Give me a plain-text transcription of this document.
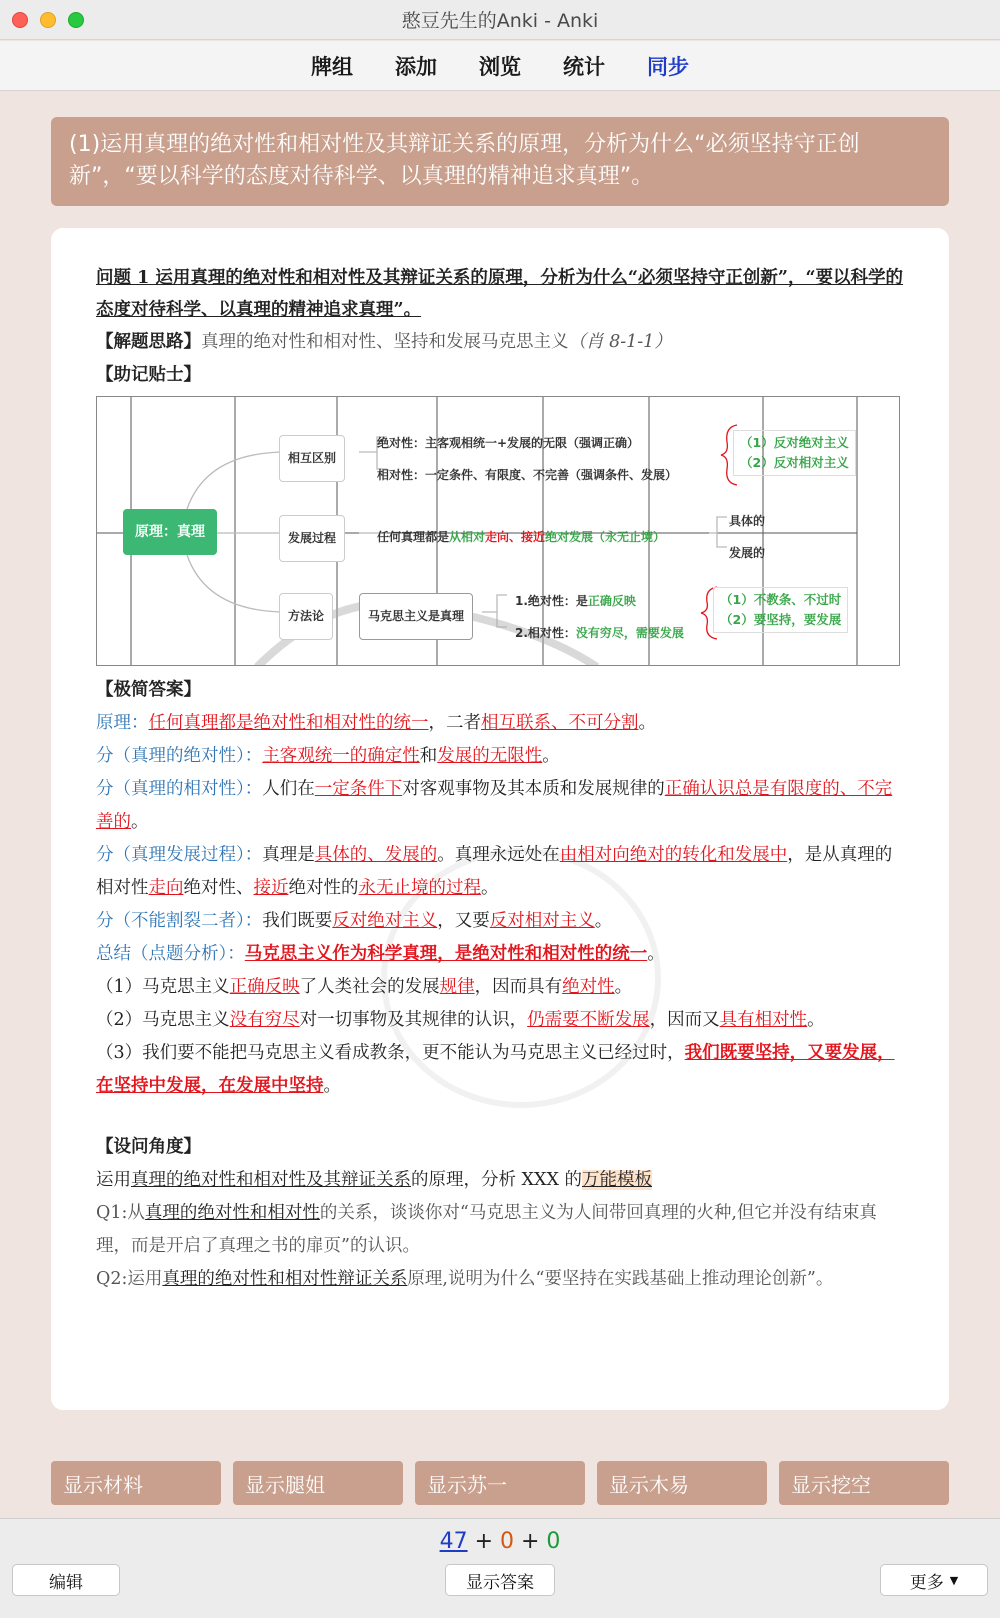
憨豆先生的Anki - Anki
牌组 添加 浏览 统计 同步
(1)运用真理的绝对性和相对性及其辩证关系的原理，分析为什么“必须坚持守正创新”，“要以科学的态度对待科学、以真理的精神追求真理”。
问题 1 运用真理的绝对性和相对性及其辩证关系的原理，分析为什么“必须坚持守正创新”，“要以科学的态度对待科学、以真理的精神追求真理”。
【解题思路】真理的绝对性和相对性、坚持和发展马克思主义（肖 8-1-1）
【助记贴士】
原理：真理
相互区别
绝对性：主客观相统一+发展的无限（强调正确）
相对性：一定条件、有限度、不完善（强调条件、发展）
（1）反对绝对主义
（2）反对相对主义
发展过程	任何真理都是从相对走向、接近绝对发展（永无止境）
具体的
发展的
方法论	马克思主义是真理
1.绝对性：是正确反映
2.相对性：没有穷尽，需要发展
（1）不教条、不过时
（2）要坚持，要发展
【极简答案】
原理：任何真理都是绝对性和相对性的统一，二者相互联系、不可分割。
分（真理的绝对性）：主客观统一的确定性和发展的无限性。
分（真理的相对性）：人们在一定条件下对客观事物及其本质和发展规律的正确认识总是有限度的、不完善的。
分（真理发展过程）：真理是具体的、发展的。真理永远处在由相对向绝对的转化和发展中，是从真理的相对性走向绝对性、接近绝对性的永无止境的过程。
分（不能割裂二者）：我们既要反对绝对主义，又要反对相对主义。
总结（点题分析）：马克思主义作为科学真理，是绝对性和相对性的统一。
（1）马克思主义正确反映了人类社会的发展规律，因而具有绝对性。
（2）马克思主义没有穷尽对一切事物及其规律的认识，仍需要不断发展，因而又具有相对性。
（3）我们要不能把马克思主义看成教条，更不能认为马克思主义已经过时，我们既要坚持，又要发展，在坚持中发展，在发展中坚持。
【设问角度】
运用真理的绝对性和相对性及其辩证关系的原理，分析 XXX 的万能模板
Q1:从真理的绝对性和相对性的关系，谈谈你对“马克思主义为人间带回真理的火种,但它并没有结束真理，而是开启了真理之书的扉页”的认识。
Q2:运用真理的绝对性和相对性辩证关系原理,说明为什么“要坚持在实践基础上推动理论创新”。
显示材料	显示腿姐	显示苏一	显示木易	显示挖空
47 + 0 + 0
编辑	显示答案	更多 ▼
